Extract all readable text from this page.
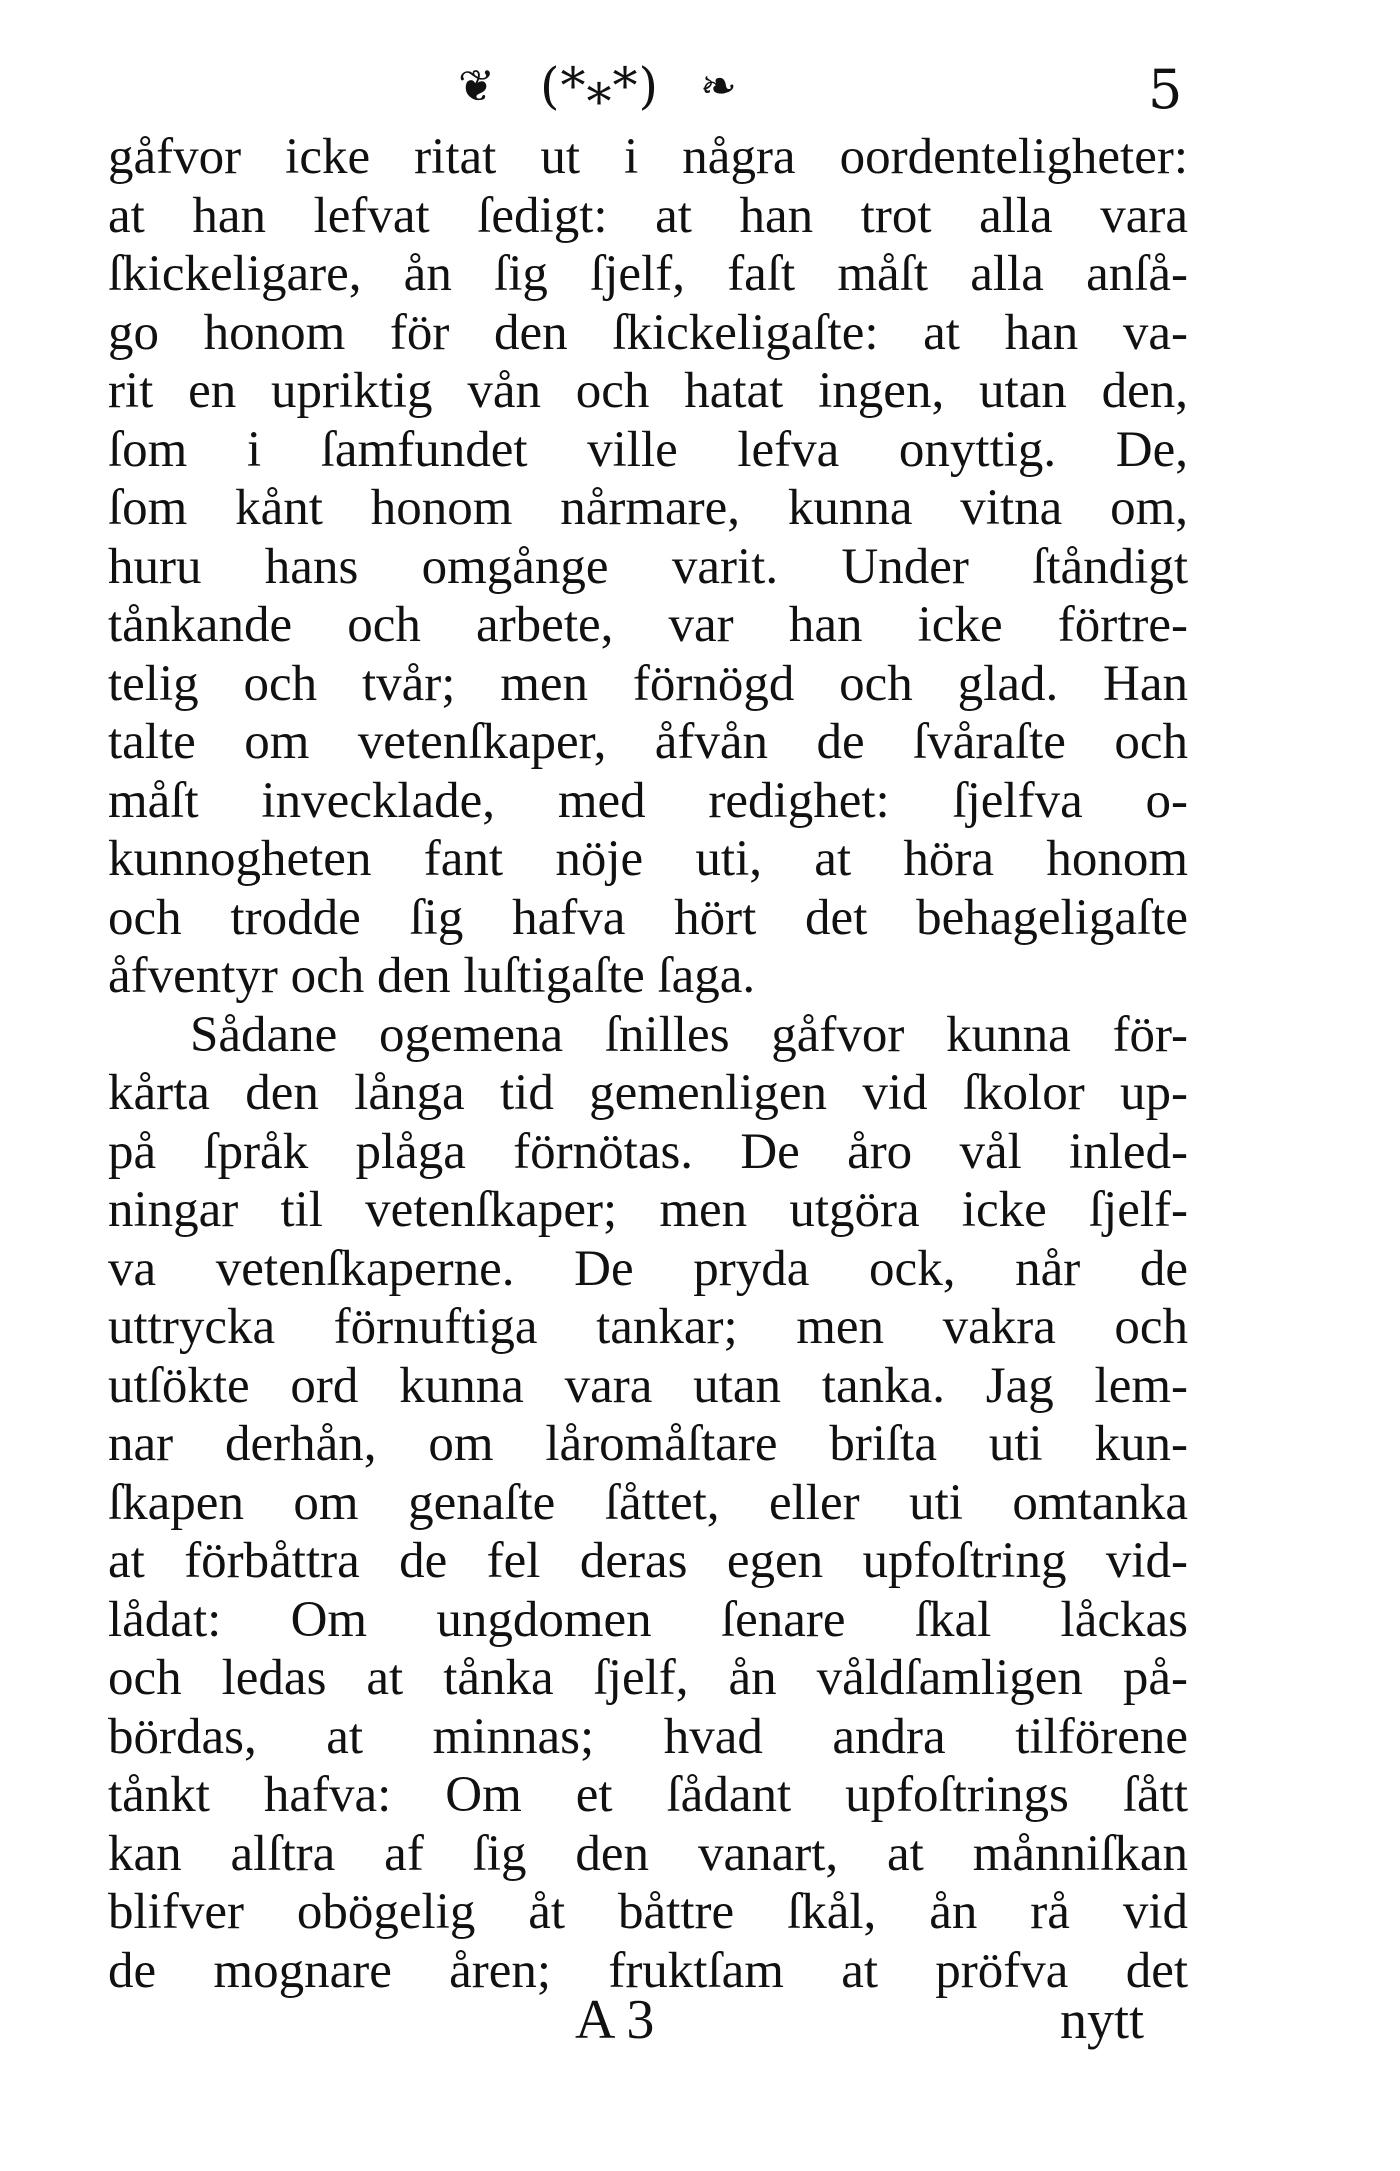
❦ (*⁎*) ❧	5
gåfvor icke ritat ut i några oordenteligheter:
at han lefvat ſedigt: at han trot alla vara
ſkickeligare, ån ſig ſjelf, faſt måſt alla anſå-
go honom för den ſkickeligaſte: at han va-
rit en upriktig vån och hatat ingen, utan den,
ſom i ſamfundet ville lefva onyttig. De,
ſom kånt honom nårmare, kunna vitna om,
huru hans omgånge varit. Under ſtåndigt
tånkande och arbete, var han icke förtre-
telig och tvår; men förnögd och glad. Han
talte om vetenſkaper, åfvån de ſvåraſte och
måſt invecklade, med redighet: ſjelfva o-
kunnogheten fant nöje uti, at höra honom
och trodde ſig hafva hört det behageligaſte
åfventyr och den luſtigaſte ſaga.
Sådane ogemena ſnilles gåfvor kunna för-
kårta den långa tid gemenligen vid ſkolor up-
på ſpråk plåga förnötas. De åro vål inled-
ningar til vetenſkaper; men utgöra icke ſjelf-
va vetenſkaperne. De pryda ock, når de
uttrycka förnuftiga tankar; men vakra och
utſökte ord kunna vara utan tanka. Jag lem-
nar derhån, om låromåſtare briſta uti kun-
ſkapen om genaſte ſåttet, eller uti omtanka
at förbåttra de fel deras egen upfoſtring vid-
lådat: Om ungdomen ſenare ſkal låckas
och ledas at tånka ſjelf, ån våldſamligen på-
bördas, at minnas; hvad andra tilförene
tånkt hafva: Om et ſådant upfoſtrings ſått
kan alſtra af ſig den vanart, at månniſkan
blifver obögelig åt båttre ſkål, ån rå vid
de mognare åren; fruktſam at pröfva det
A 3	nytt
